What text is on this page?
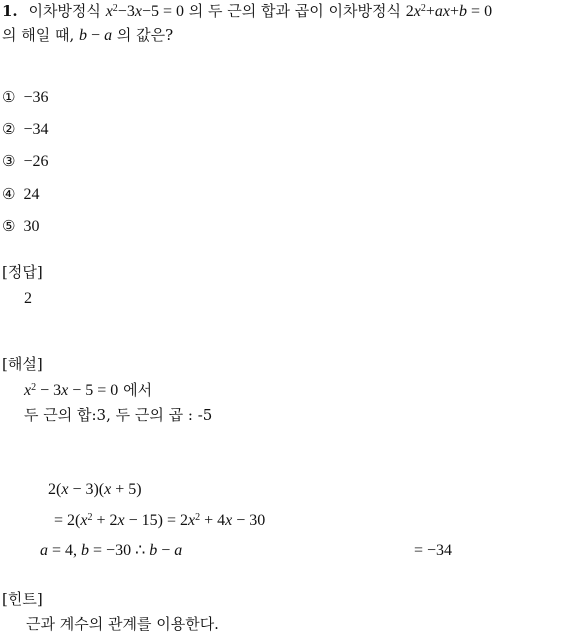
1. 이차방정식 $x^2-3x-5 = 0$ 의 두 근의 합과 곱이 이차방정식 $2x^2+ax+b = 0$
의 해일 때, b − a 의 값은?
① −36
② −34
③ −26
④ 24
⑤ 30
[정답]
2
[해설]
$x^2 - 3x - 5 = 0$ 에서
두 근의 합:3, 두 근의 곱 : -5
2(x − 3)(x + 5)
= $2(x^2 + 2x - 15) = 2x^2 + 4x - 30$
a = 4, b = −30 ∴ b − a	= −34
[힌트]
근과 계수의 관계를 이용한다.
